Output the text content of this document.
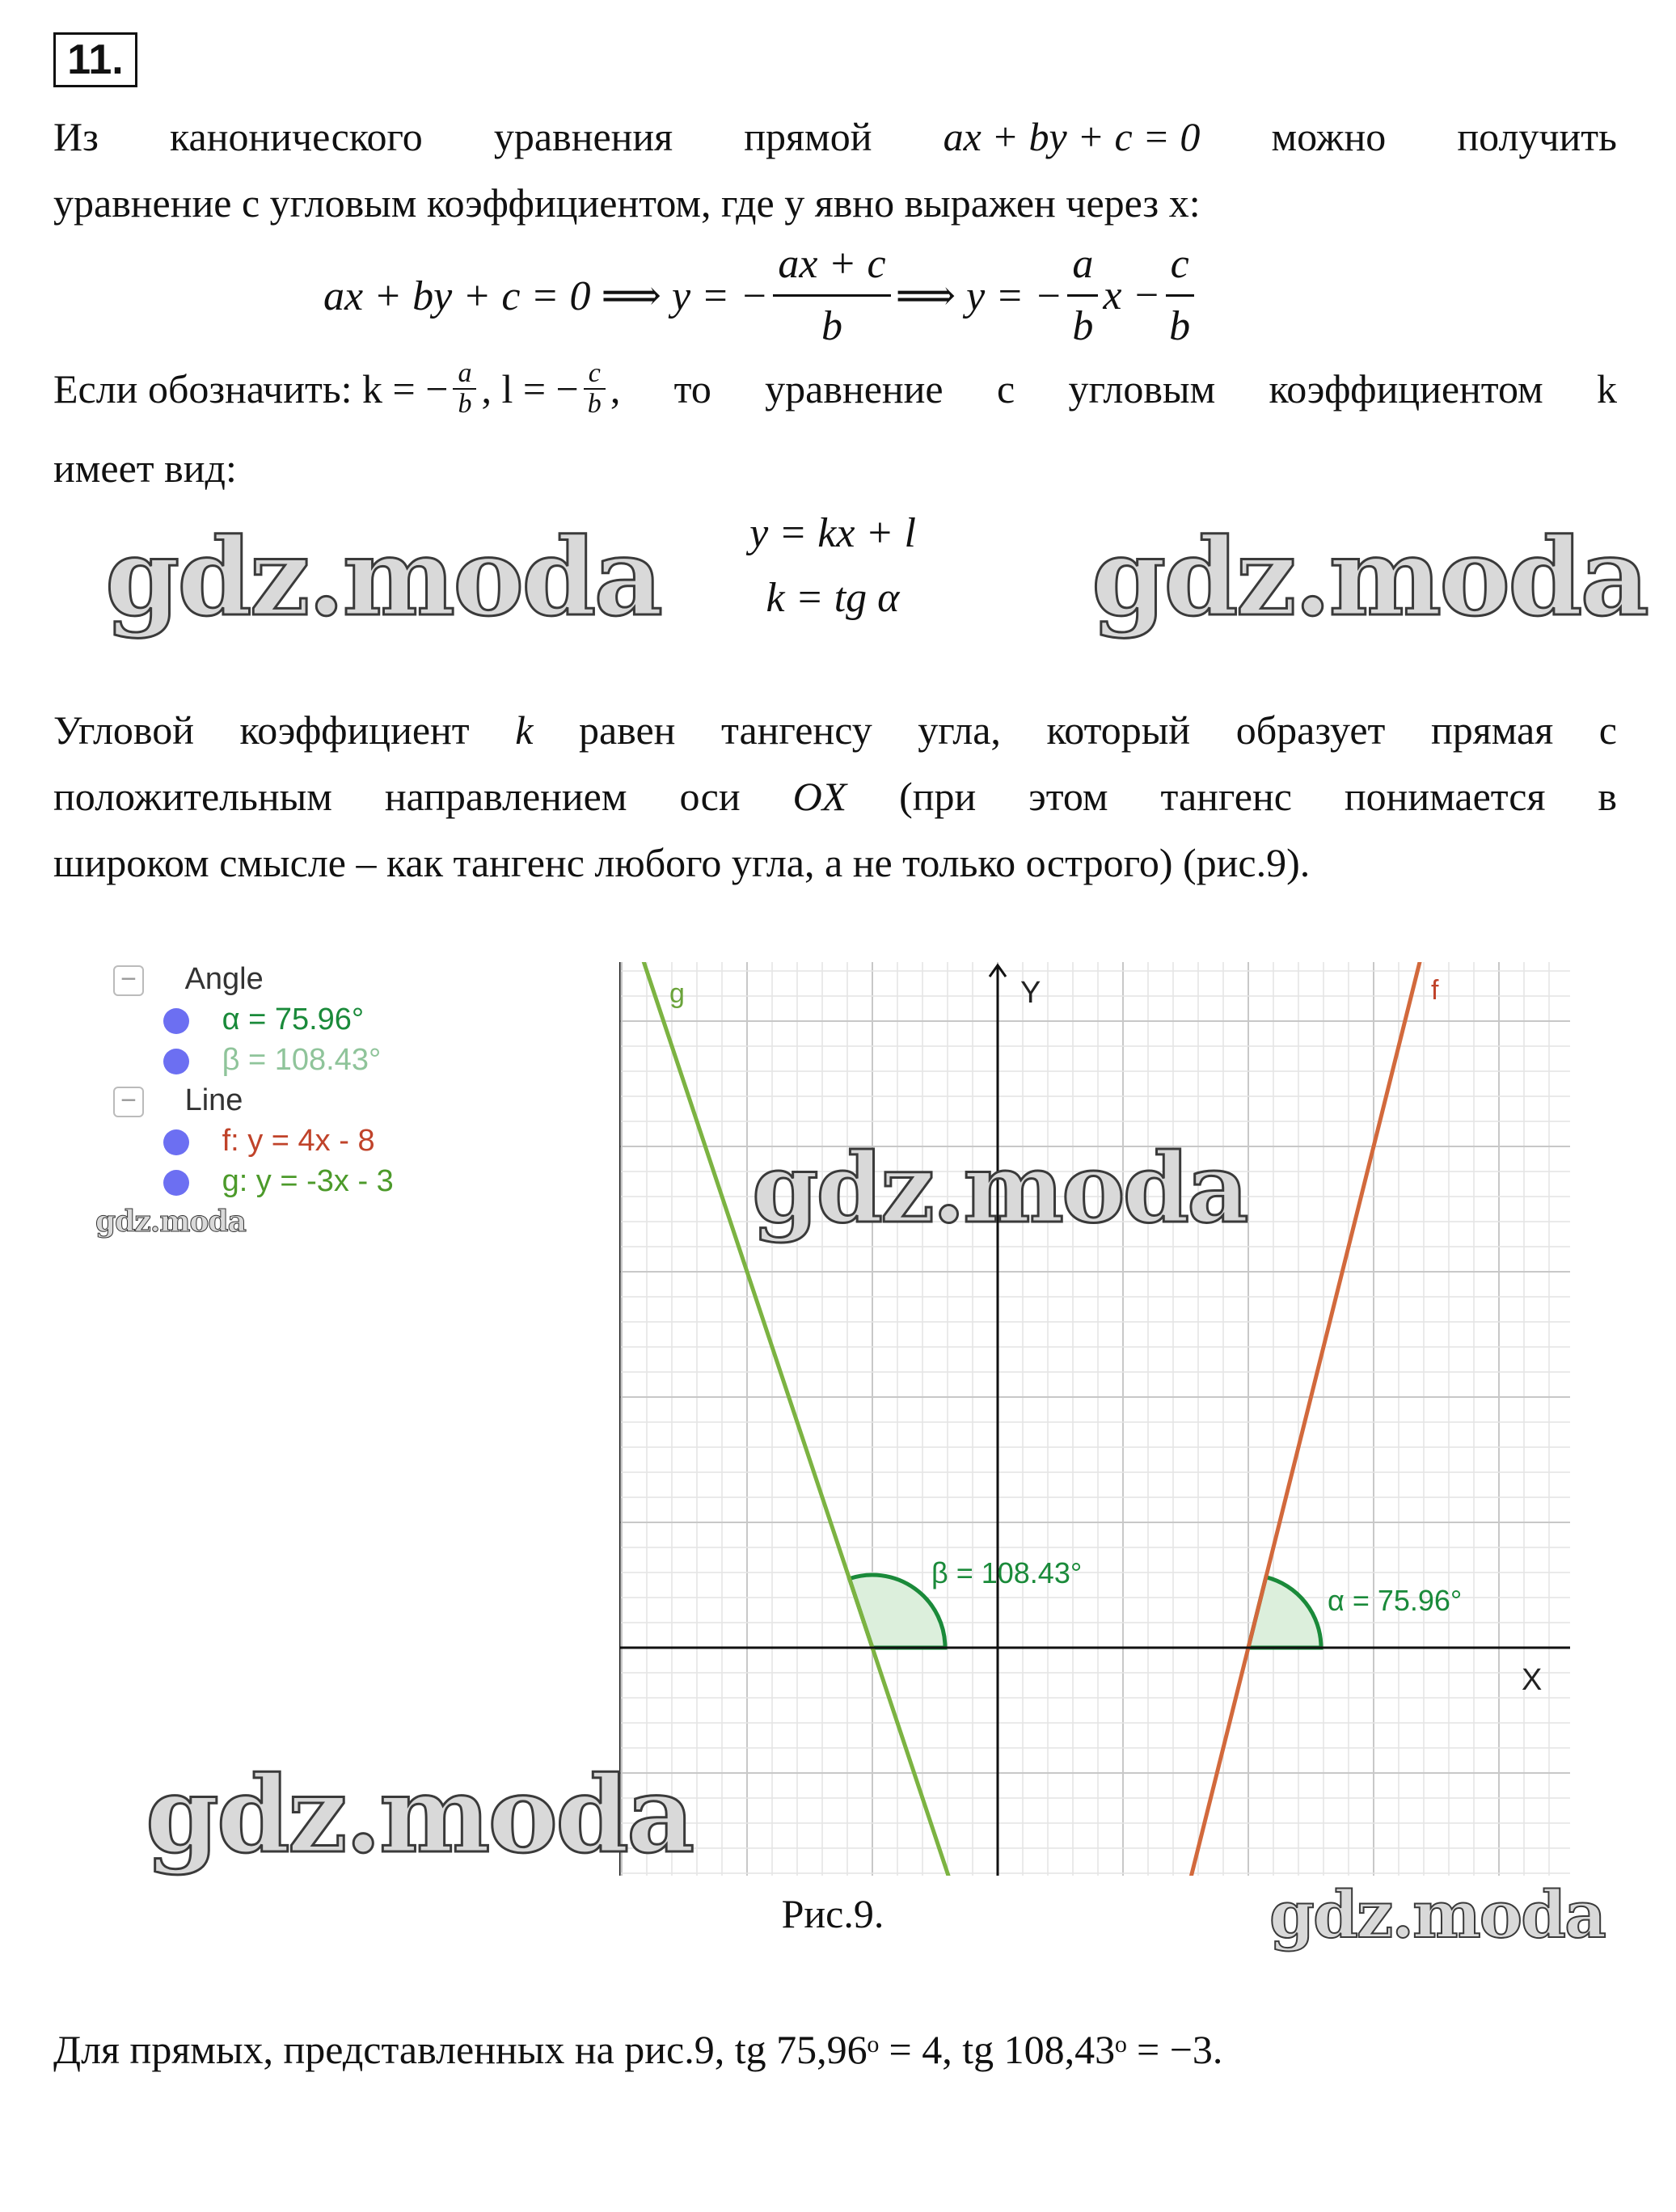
11.
Из канонического уравнения прямой ax + by + c = 0 можно получить
уравнение с угловым коэффициентом, где y явно выражен через x:
ax + by + c = 0 ⟹ y = − $\frac{ax + c}{b}$ ⟹ y = − $\frac{a}{b}$ $x - \frac{c}{b}$
Если обозначить: k = − $\frac{a}{b}$ , l = − $\frac{c}{b}$ , то уравнение с угловым коэффициентом k
имеет вид:
y = kx + l
k = tg α
gdz.moda	gdz.moda
Угловой коэффициент k равен тангенсу угла, который образует прямая с
положительным направлением оси OX (при этом тангенс понимается в
широком смысле – как тангенс любого угла, а не только острого) (рис.9).
− Angle
α = 75.96°
β = 108.43°
− Line
f: y = 4x - 8
g: y = -3x - 3
gdz.moda
Y
X
g	f
β = 108.43°
α = 75.96°
gdz.moda
gdz.moda
Рис.9.	gdz.moda
Для прямых, представленных на рис.9, tg 75,96ᵒ = 4, tg 108,43ᵒ = −3.
